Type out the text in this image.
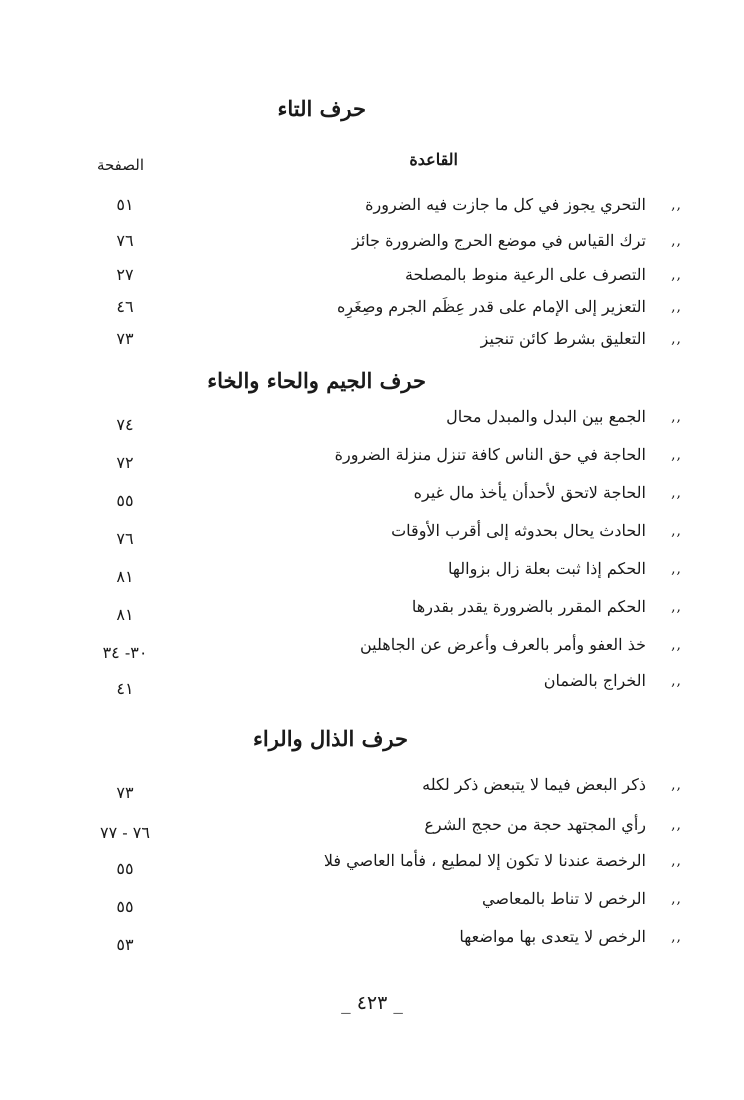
حرف التاء
القاعدة
الصفحة
التحري يجوز في كل ما جازت فيه الضرورة ,,
٥١
ترك القياس في موضع الحرج والضرورة جائز ,,
٧٦
التصرف على الرعية منوط بالمصلحة ,,
٢٧
التعزير إلى الإمام على قدر عِظَم الجرم وصِغَرِه ,,
٤٦
التعليق بشرط كائن تنجيز ,,
٧٣
حرف الجيم والحاء والخاء
الجمع بين البدل والمبدل محال ,,
٧٤
الحاجة في حق الناس كافة تنزل منزلة الضرورة ,,
٧٢
الحاجة لاتحق لأحدأن يأخذ مال غيره ,,
٥٥
الحادث يحال بحدوثه إلى أقرب الأوقات ,,
٧٦
الحكم إذا ثبت بعلة زال بزوالها ,,
٨١
الحكم المقرر بالضرورة يقدر بقدرها ,,
٨١
خذ العفو وأمر بالعرف وأعرض عن الجاهلين ,,
٣٠- ٣٤
الخراج بالضمان ,,
٤١
حرف الذال والراء
ذكر البعض فيما لا يتبعض ذكر لكله ,,
٧٣
رأي المجتهد حجة من حجج الشرع ,,
٧٦ - ٧٧
الرخصة عندنا لا تكون إلا لمطيع ، فأما العاصي فلا ,,
٥٥
الرخص لا تناط بالمعاصي ,,
٥٥
الرخص لا يتعدى بها مواضعها ,,
٥٣
_ ٤٢٣ _
